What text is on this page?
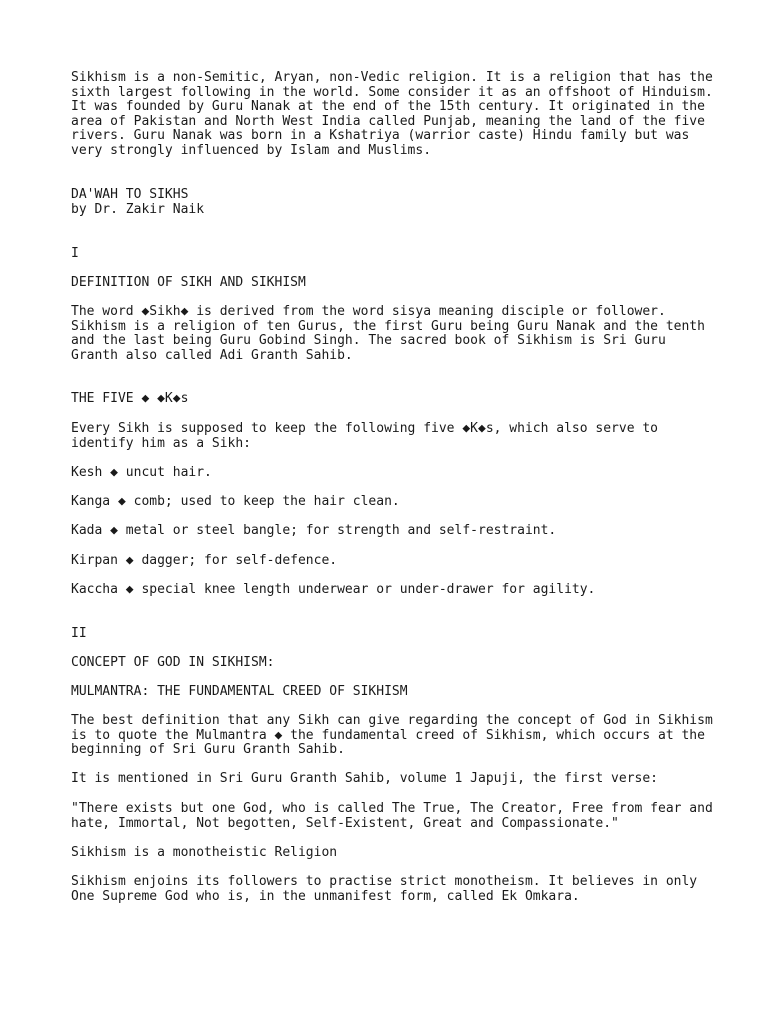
Sikhism is a non-Semitic, Aryan, non-Vedic religion. It is a religion that has the
sixth largest following in the world. Some consider it as an offshoot of Hinduism.
It was founded by Guru Nanak at the end of the 15th century. It originated in the
area of Pakistan and North West India called Punjab, meaning the land of the five
rivers. Guru Nanak was born in a Kshatriya (warrior caste) Hindu family but was
very strongly influenced by Islam and Muslims.
DA'WAH TO SIKHS
by Dr. Zakir Naik
I
DEFINITION OF SIKH AND SIKHISM
The word ◆Sikh◆ is derived from the word sisya meaning disciple or follower.
Sikhism is a religion of ten Gurus, the first Guru being Guru Nanak and the tenth
and the last being Guru Gobind Singh. The sacred book of Sikhism is Sri Guru
Granth also called Adi Granth Sahib.
THE FIVE ◆ ◆K◆s
Every Sikh is supposed to keep the following five ◆K◆s, which also serve to
identify him as a Sikh:
Kesh ◆ uncut hair.
Kanga ◆ comb; used to keep the hair clean.
Kada ◆ metal or steel bangle; for strength and self-restraint.
Kirpan ◆ dagger; for self-defence.
Kaccha ◆ special knee length underwear or under-drawer for agility.
II
CONCEPT OF GOD IN SIKHISM:
MULMANTRA: THE FUNDAMENTAL CREED OF SIKHISM
The best definition that any Sikh can give regarding the concept of God in Sikhism
is to quote the Mulmantra ◆ the fundamental creed of Sikhism, which occurs at the
beginning of Sri Guru Granth Sahib.
It is mentioned in Sri Guru Granth Sahib, volume 1 Japuji, the first verse:
"There exists but one God, who is called The True, The Creator, Free from fear and
hate, Immortal, Not begotten, Self-Existent, Great and Compassionate."
Sikhism is a monotheistic Religion
Sikhism enjoins its followers to practise strict monotheism. It believes in only
One Supreme God who is, in the unmanifest form, called Ek Omkara.
